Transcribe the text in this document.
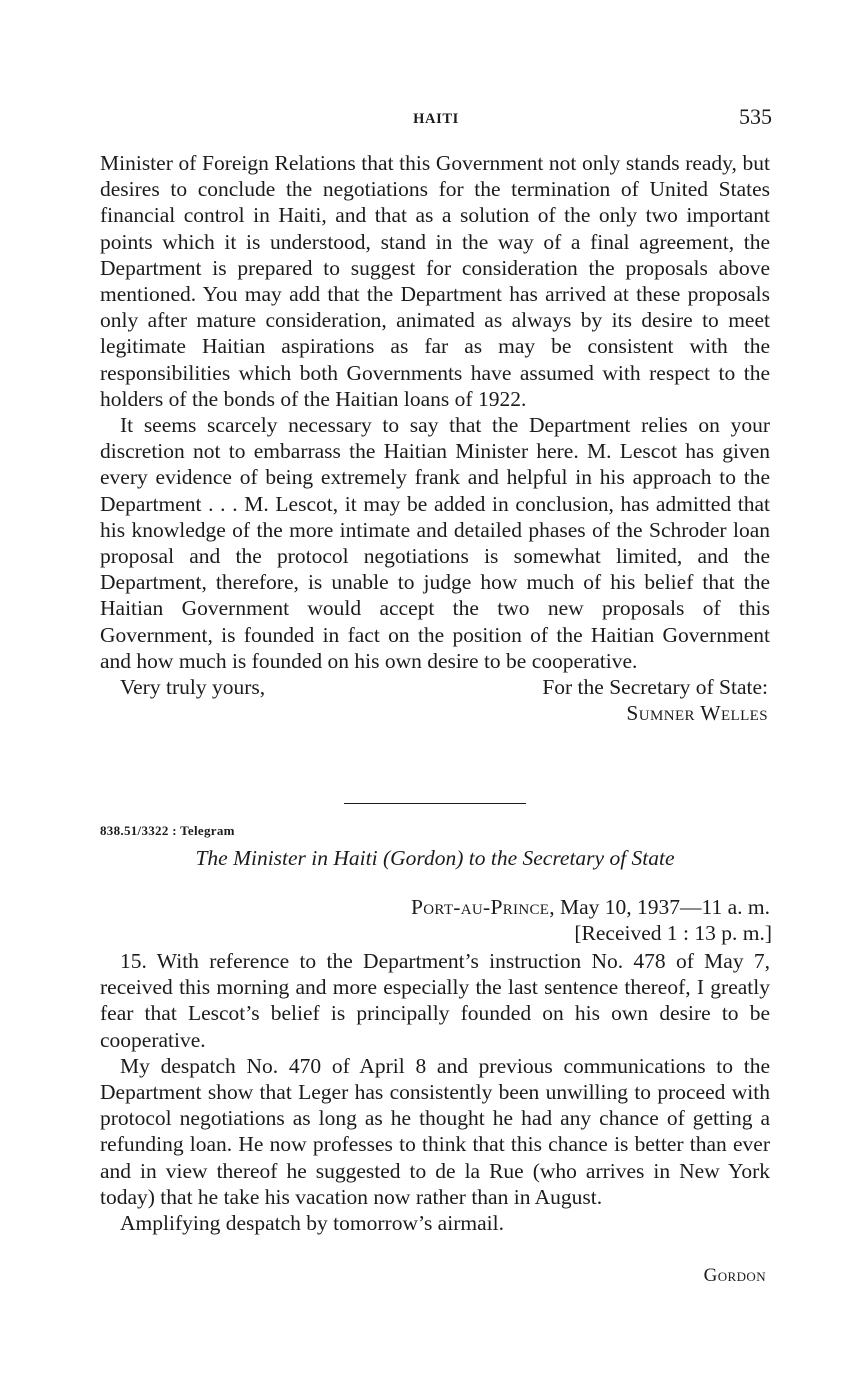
HAITI	535

Minister of Foreign Relations that this Government not only stands ready, but desires to conclude the negotiations for the termination of United States financial control in Haiti, and that as a solution of the only two important points which it is understood, stand in the way of a final agreement, the Department is prepared to suggest for consideration the proposals above mentioned. You may add that the Department has arrived at these proposals only after mature consideration, animated as always by its desire to meet legitimate Haitian aspirations as far as may be consistent with the responsibilities which both Governments have assumed with respect to the holders of the bonds of the Haitian loans of 1922.

It seems scarcely necessary to say that the Department relies on your discretion not to embarrass the Haitian Minister here. M. Lescot has given every evidence of being extremely frank and helpful in his approach to the Department . . . M. Lescot, it may be added in conclusion, has admitted that his knowledge of the more intimate and detailed phases of the Schroder loan proposal and the protocol negotiations is somewhat limited, and the Department, therefore, is unable to judge how much of his belief that the Haitian Government would accept the two new proposals of this Government, is founded in fact on the position of the Haitian Government and how much is founded on his own desire to be cooperative.

Very truly yours,	For the Secretary of State:
Sumner Welles
838.51/3322 : Telegram
The Minister in Haiti (Gordon) to the Secretary of State
Port-au-Prince, May 10, 1937—11 a. m.
[Received 1 : 13 p. m.]

15. With reference to the Department’s instruction No. 478 of May 7, received this morning and more especially the last sentence thereof, I greatly fear that Lescot’s belief is principally founded on his own desire to be cooperative.

My despatch No. 470 of April 8 and previous communications to the Department show that Leger has consistently been unwilling to proceed with protocol negotiations as long as he thought he had any chance of getting a refunding loan. He now professes to think that this chance is better than ever and in view thereof he suggested to de la Rue (who arrives in New York today) that he take his vacation now rather than in August.

Amplifying despatch by tomorrow’s airmail.

Gordon
